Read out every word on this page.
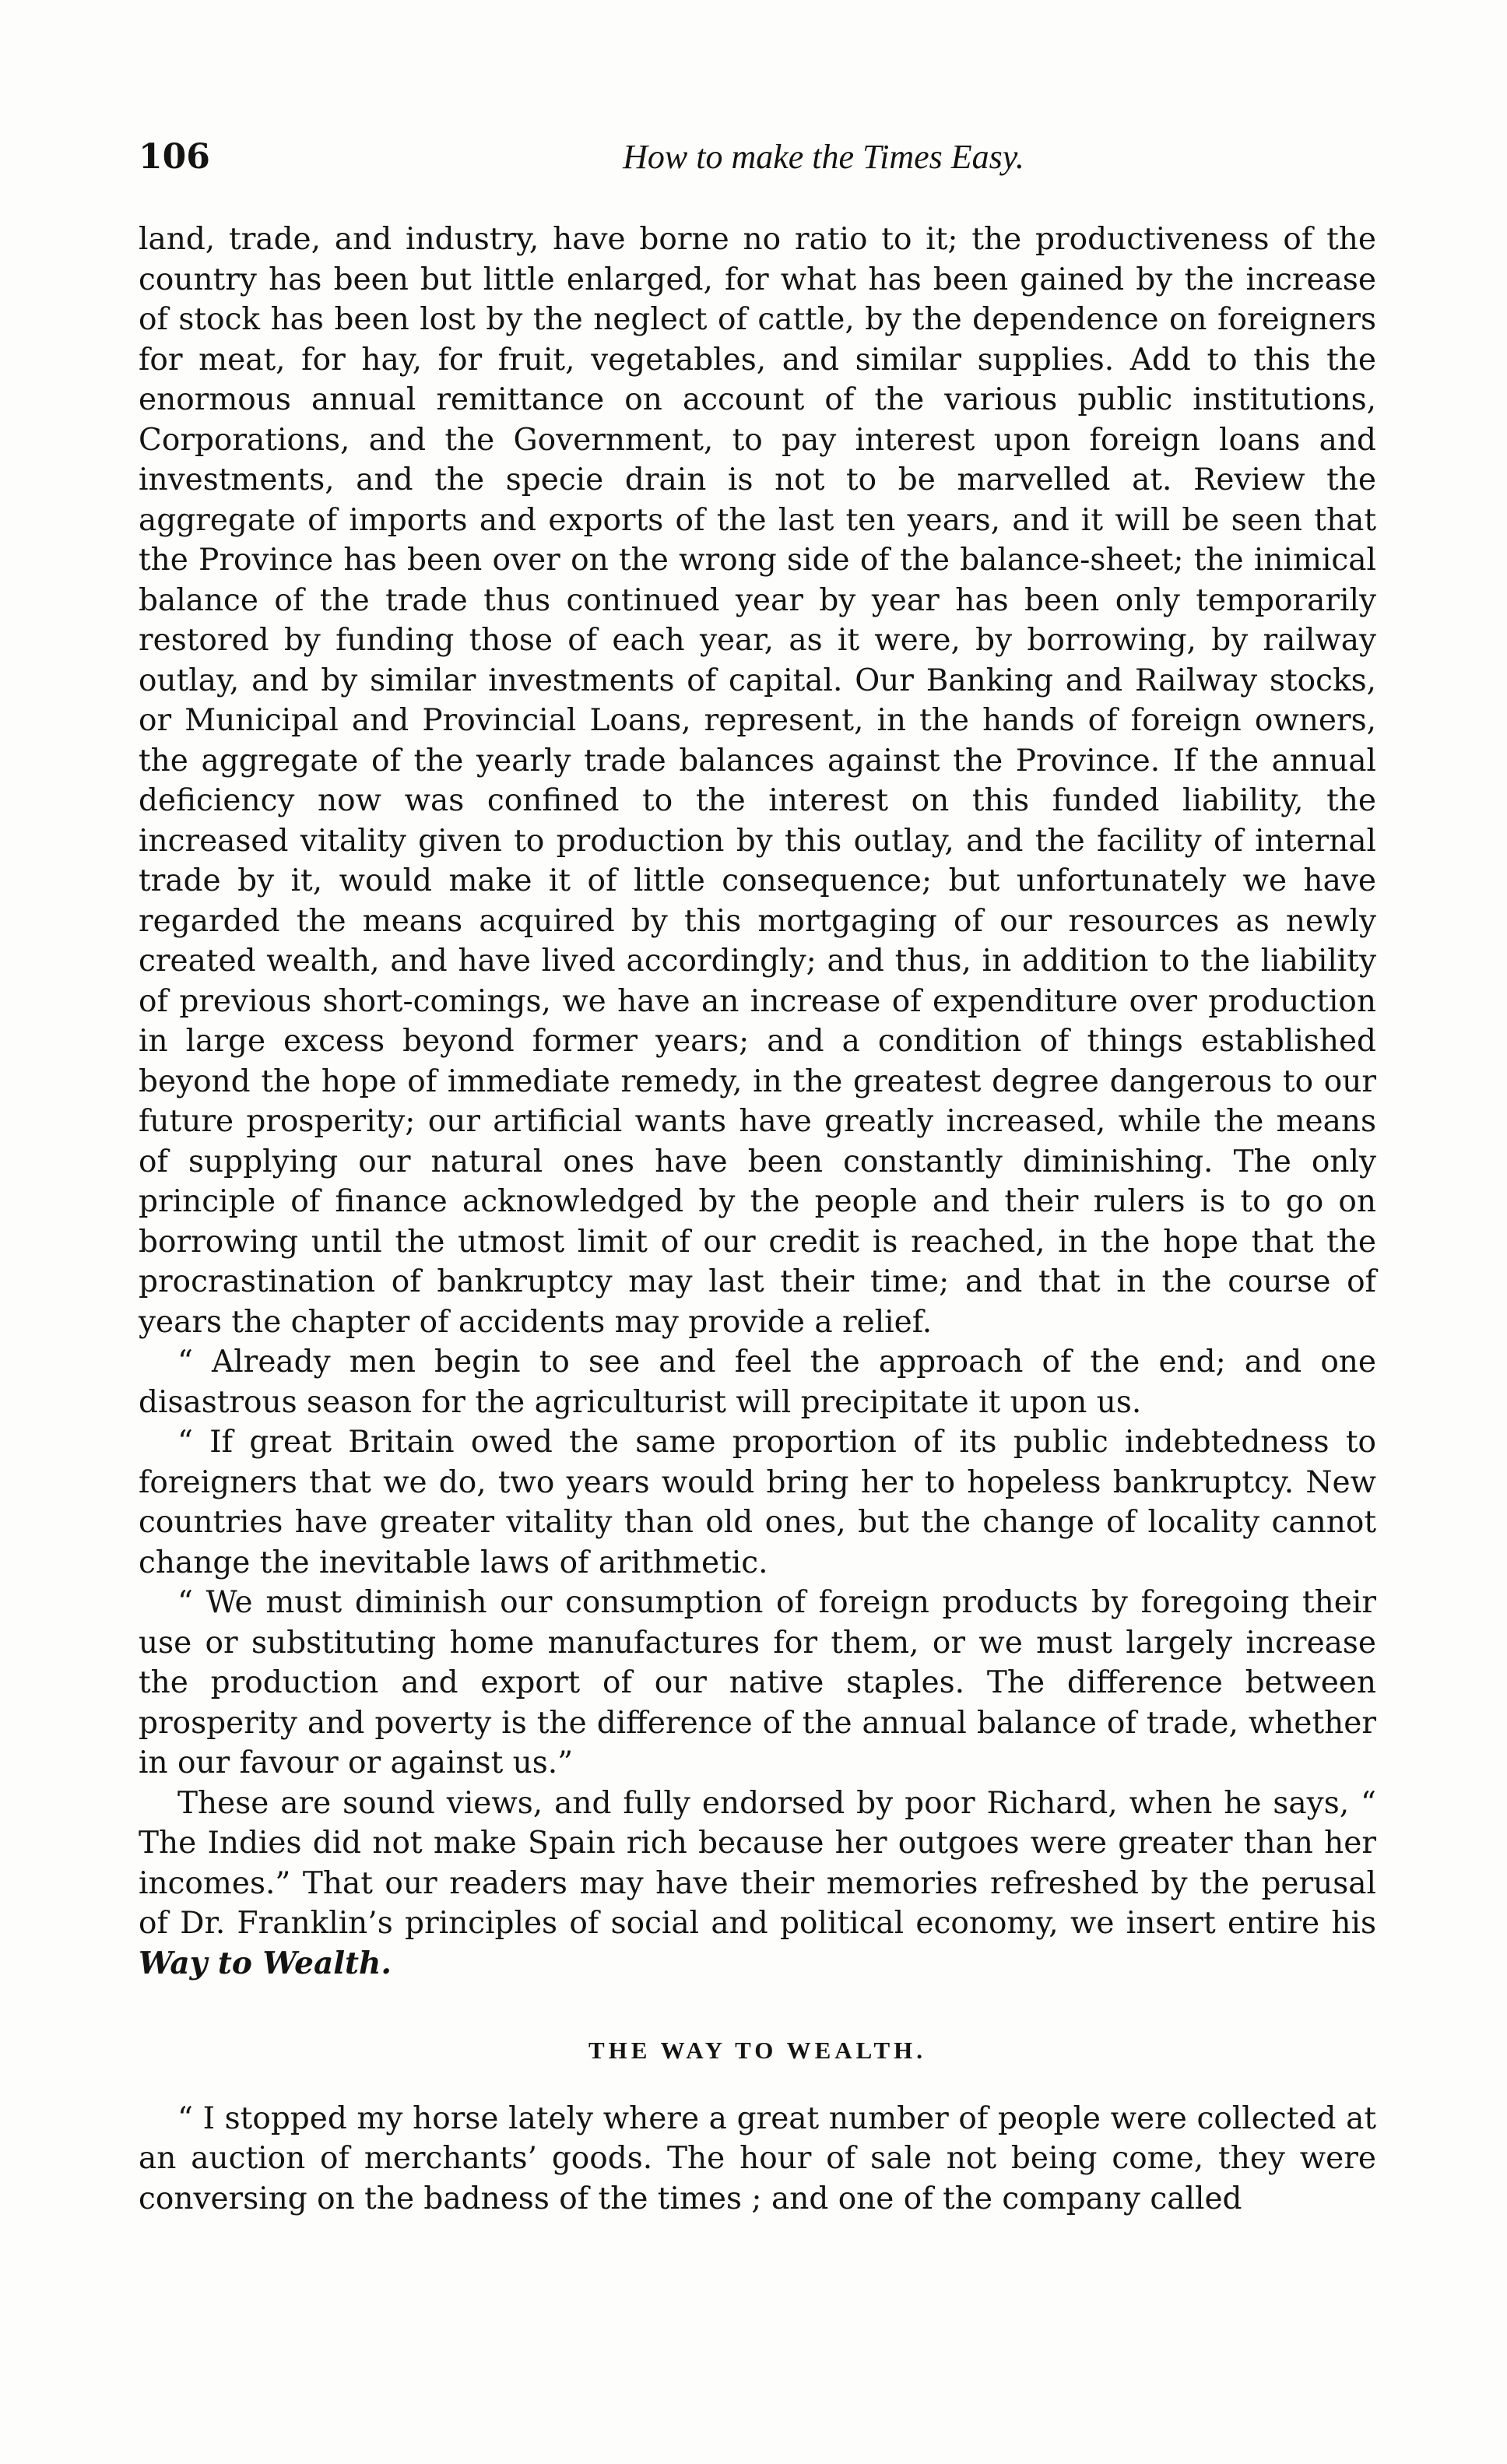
106	How to make the Times Easy.

land, trade, and industry, have borne no ratio to it; the productiveness of the country has been but little enlarged, for what has been gained by the increase of stock has been lost by the neglect of cattle, by the dependence on foreigners for meat, for hay, for fruit, vegetables, and similar supplies. Add to this the enormous annual remittance on account of the various public institutions, Corporations, and the Government, to pay interest upon foreign loans and investments, and the specie drain is not to be marvelled at. Review the aggregate of imports and exports of the last ten years, and it will be seen that the Province has been over on the wrong side of the balance-sheet; the inimical balance of the trade thus continued year by year has been only temporarily restored by funding those of each year, as it were, by borrowing, by railway outlay, and by similar investments of capital. Our Banking and Railway stocks, or Municipal and Provincial Loans, represent, in the hands of foreign owners, the aggregate of the yearly trade balances against the Province. If the annual deficiency now was confined to the interest on this funded liability, the increased vitality given to production by this outlay, and the facility of internal trade by it, would make it of little consequence; but unfortunately we have regarded the means acquired by this mortgaging of our resources as newly created wealth, and have lived accordingly; and thus, in addition to the liability of previous short-comings, we have an increase of expenditure over production in large excess beyond former years; and a condition of things established beyond the hope of immediate remedy, in the greatest degree dangerous to our future prosperity; our artificial wants have greatly increased, while the means of supplying our natural ones have been constantly diminishing. The only principle of finance acknowledged by the people and their rulers is to go on borrowing until the utmost limit of our credit is reached, in the hope that the procrastination of bankruptcy may last their time; and that in the course of years the chapter of accidents may provide a relief.

“ Already men begin to see and feel the approach of the end; and one disastrous season for the agriculturist will precipitate it upon us.

“ If great Britain owed the same proportion of its public indebtedness to foreigners that we do, two years would bring her to hopeless bankruptcy. New countries have greater vitality than old ones, but the change of locality cannot change the inevitable laws of arithmetic.

“ We must diminish our consumption of foreign products by foregoing their use or substituting home manufactures for them, or we must largely increase the production and export of our native staples. The difference between prosperity and poverty is the difference of the annual balance of trade, whether in our favour or against us.”

These are sound views, and fully endorsed by poor Richard, when he says, “ The Indies did not make Spain rich because her outgoes were greater than her incomes.” That our readers may have their memories refreshed by the perusal of Dr. Franklin’s principles of social and political economy, we insert entire his Way to Wealth.

THE WAY TO WEALTH.

“ I stopped my horse lately where a great number of people were collected at an auction of merchants’ goods. The hour of sale not being come, they were conversing on the badness of the times ; and one of the company called
